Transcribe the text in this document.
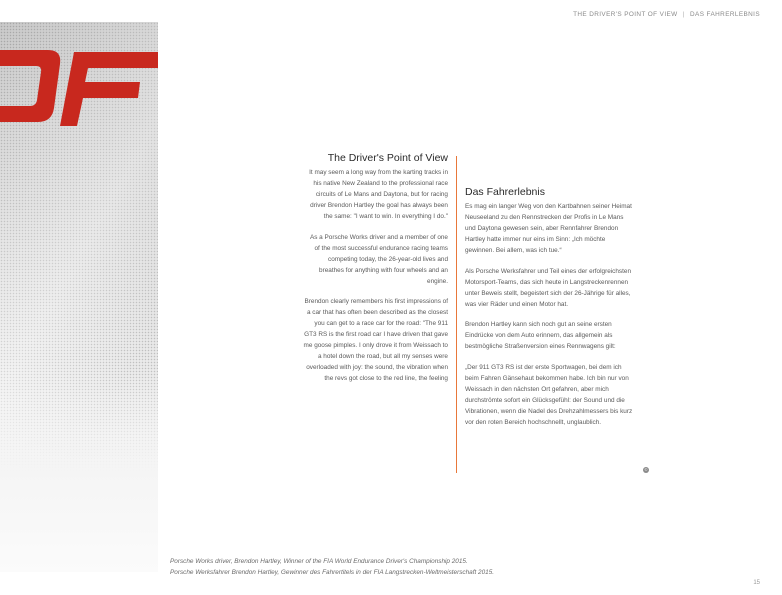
THE DRIVER'S POINT OF VIEW | DAS FAHRERLEBNIS
The Driver's Point of View

It may seem a long way from the karting tracks in his native New Zealand to the professional race circuits of Le Mans and Daytona, but for racing driver Brendon Hartley the goal has always been the same: "I want to win. In everything I do."

As a Porsche Works driver and a member of one of the most successful endurance racing teams competing today, the 26-year-old lives and breathes for anything with four wheels and an engine.

Brendon clearly remembers his first impressions of a car that has often been described as the closest you can get to a race car for the road: "The 911 GT3 RS is the first road car I have driven that gave me goose pimples. I only drove it from Weissach to a hotel down the road, but all my senses were overloaded with joy: the sound, the vibration when the revs got close to the red line, the feeling

Das Fahrerlebnis

Es mag ein langer Weg von den Kartbahnen seiner Heimat Neuseeland zu den Rennstrecken der Profis in Le Mans und Daytona gewesen sein, aber Rennfahrer Brendon Hartley hatte immer nur eins im Sinn: „Ich möchte gewinnen. Bei allem, was ich tue.“

Als Porsche Werksfahrer und Teil eines der erfolgreichsten Motorsport-Teams, das sich heute in Langstreckenrennen unter Beweis stellt, begeistert sich der 26-Jährige für alles, was vier Räder und einen Motor hat.

Brendon Hartley kann sich noch gut an seine ersten Eindrücke von dem Auto erinnern, das allgemein als bestmögliche Straßenversion eines Rennwagens gilt:

„Der 911 GT3 RS ist der erste Sportwagen, bei dem ich beim Fahren Gänsehaut bekommen habe. Ich bin nur von Weissach in den nächsten Ort gefahren, aber mich durchströmte sofort ein Glücksgefühl: der Sound und die Vibrationen, wenn die Nadel des Drehzahlmessers bis kurz vor den roten Bereich hochschnellt, unglaublich.

©
Porsche Works driver, Brendon Hartley, Winner of the FIA World Endurance Driver's Championship 2015.
Porsche Werksfahrer Brendon Hartley, Gewinner des Fahrertitels in der FIA Langstrecken-Weltmeisterschaft 2015.
15
